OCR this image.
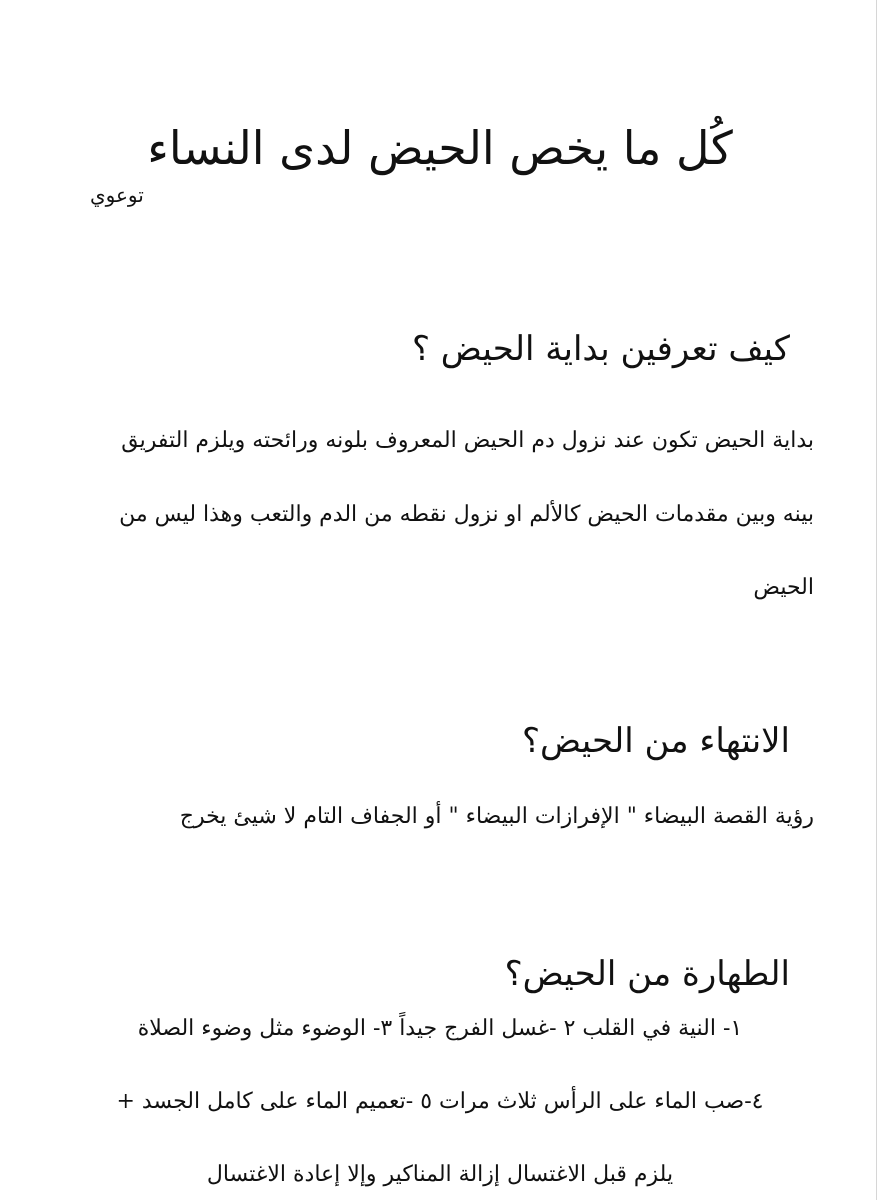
كُل ما يخص الحيض لدى النساء
توعوي
كيف تعرفين بداية الحيض ؟
بداية الحيض تكون عند نزول دم الحيض المعروف بلونه ورائحته ويلزم التفريق
بينه وبين مقدمات الحيض كالألم او نزول نقطه من الدم والتعب وهذا ليس من
الحيض
الانتهاء من الحيض؟
رؤية القصة البيضاء " الإفرازات البيضاء " أو الجفاف التام لا شيئ يخرج
الطهارة من الحيض؟
١- النية في القلب ٢ -غسل الفرج جيداً ٣- الوضوء مثل وضوء الصلاة
٤-صب الماء على الرأس ثلاث مرات ٥ -تعميم الماء على كامل الجسد +
يلزم قبل الاغتسال إزالة المناكير وإلا إعادة الاغتسال
